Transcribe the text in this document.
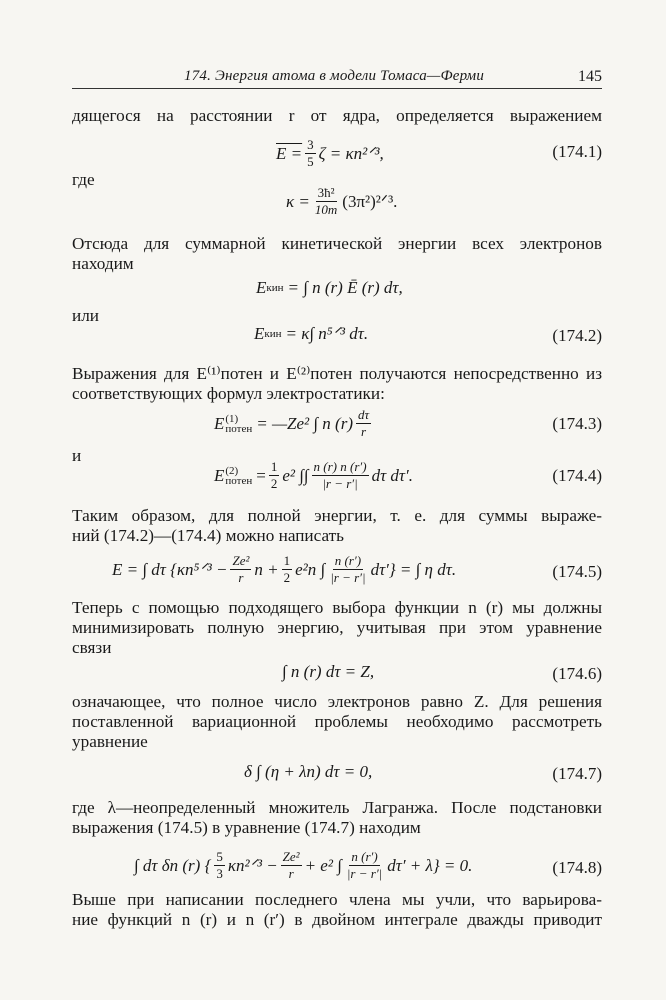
174. Энергия атома в модели Томаса—Ферми	145
дящегося на расстоянии r от ядра, определяется выражением
$E = \frac{3}{5}$ ζ = κn²ᐟ³,	(174.1)
где
$\kappa = \frac{\text{3ħ²}}{10m}$ (3π²)²ᐟ³.
Отсюда для суммарной кинетической энергии всех электронов
находим
E кин = ∫ n (r) Ē (r) dτ,
или
E кин = κ∫ n⁵ᐟ³ dτ.	(174.2)
Выражения для E⁽¹⁾потен и E⁽²⁾потен получаются непосредственно из
соответствующих формул электростатики:
E (1)
потен = —Ze² ∫ n $(r) \frac{d\tau}{r}$	(174.3)
и
E (2)
потен = $\frac{1}{2} e^2$ ∫∫ $\frac{n (r) n (r')}{|r - r'|}$ dτ dτ′.	(174.4)
Таким образом, для полной энергии, т. е. для суммы выраже-
ний (174.2)—(174.4) можно написать
E = ∫ dτ {κn⁵ᐟ³ − $\frac{\text{Ze²}}{r}$ $n + \frac{1}{2} e^2n$ ∫ $\frac{n (r')}{|r - r'|} d\tau'$} = ∫ η dτ.	(174.5)
Теперь с помощью подходящего выбора функции n (r) мы должны
минимизировать полную энергию, учитывая при этом уравнение
связи
∫ n (r) dτ = Z,	(174.6)
означающее, что полное число электронов равно Z. Для решения
поставленной вариационной проблемы необходимо рассмотреть
уравнение
δ ∫ (η + λn) dτ = 0,	(174.7)
где λ—неопределенный множитель Лагранжа. После подстановки
выражения (174.5) в уравнение (174.7) находим
∫ dτ δn (r) { $\frac{5}{3}$ κn²ᐟ³ − $\frac{\text{Ze²}}{r} + e^2$ ∫ $\frac{n (r')}{|r - r'|} d\tau' + \lambda\} = 0$.	(174.8)
Выше при написании последнего члена мы учли, что варьирова-
ние функций n (r) и n (r′) в двойном интеграле дважды приводит
